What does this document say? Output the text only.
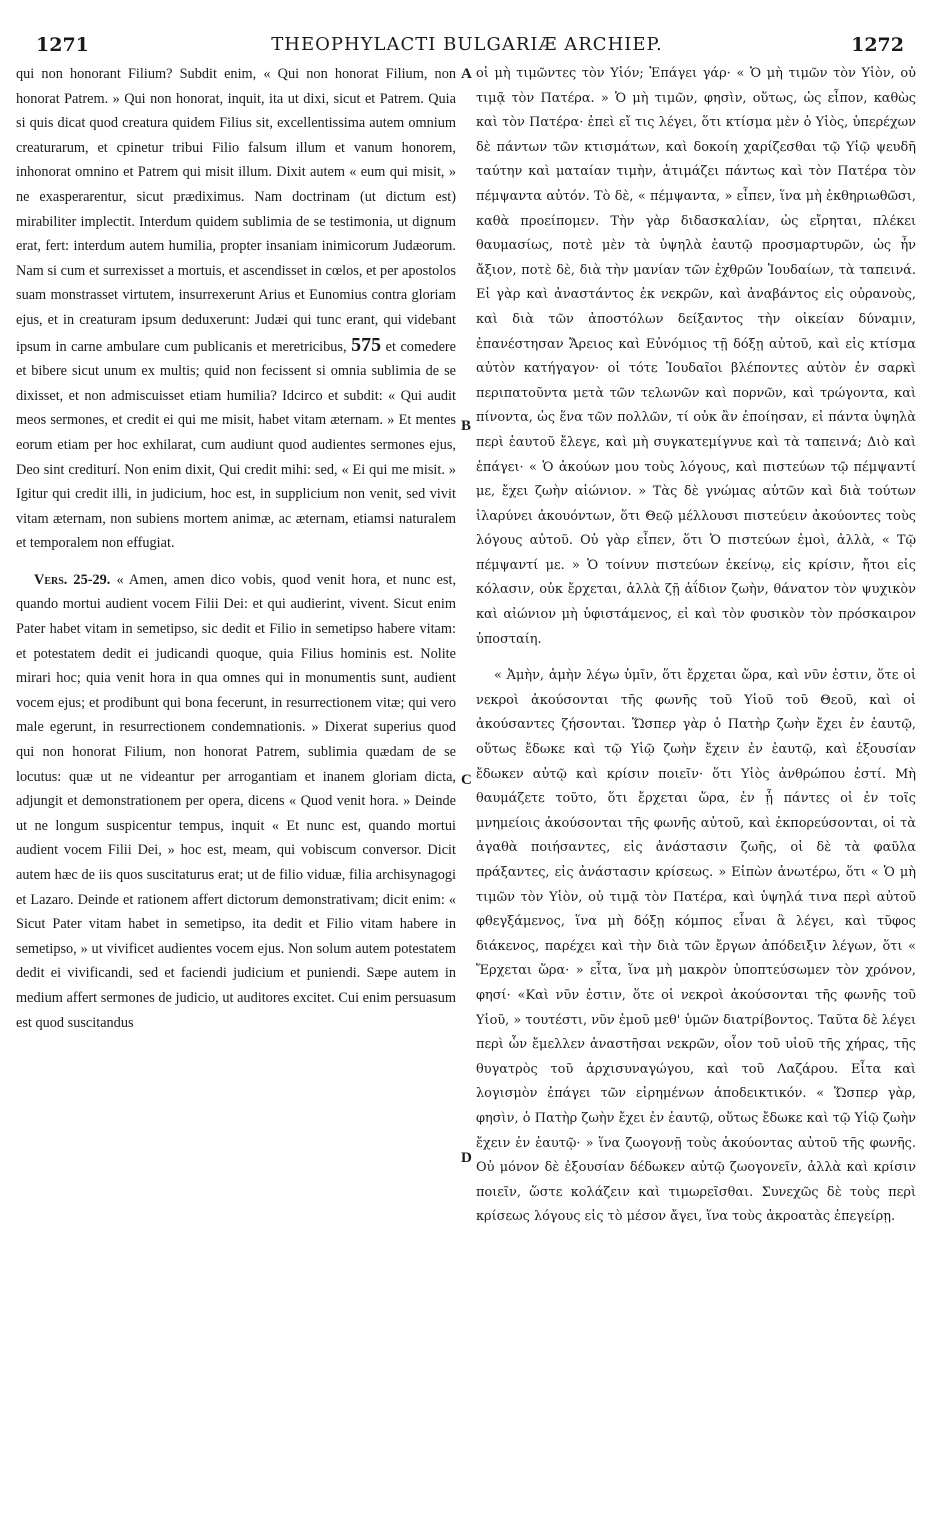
1271	THEOPHYLACTI BULGARIÆ ARCHIEP.	1272

qui non honorant Filium? Subdit enim, « Qui non honorat Filium, non honorat Patrem. » Qui non honorat, inquit, ita ut dixi, sicut et Patrem. Quia si quis dicat quod creatura quidem Filius sit, excellentissima autem omnium creaturarum, et cpinetur tribui Filio falsum illum et vanum honorem, inhonorat omnino et Patrem qui misit illum. Dixit autem « eum qui misit, » ne exasperarentur, sicut prædiximus. Nam doctrinam (ut dictum est) mirabiliter implectit. Interdum quidem sublimia de se testimonia, ut dignum erat, fert: interdum autem humilia, propter insaniam inimicorum Judæorum. Nam si cum et surrexisset a mortuis, et ascendisset in cœlos, et per apostolos suam monstrasset virtutem, insurrexerunt Arius et Eunomius contra gloriam ejus, et in creaturam ipsum deduxerunt: Judæi qui tunc erant, qui videbant ipsum in carne ambulare cum publicanis et meretricibus, 575 et comedere et bibere sicut unum ex multis; quid non fecissent si omnia sublimia de se dixisset, et non admiscuisset etiam humilia? Idcirco et subdit: « Qui audit meos sermones, et credit ei qui me misit, habet vitam æternam. » Et mentes eorum etiam per hoc exhilarat, cum audiunt quod audientes sermones ejus, Deo sint crediturí. Non enim dixit, Qui credit mihi: sed, « Ei qui me misit. » Igitur qui credit illi, in judicium, hoc est, in supplicium non venit, sed vivit vitam æternam, non subiens mortem animæ, ac æternam, etiamsi naturalem et temporalem non effugiat.

Vers. 25-29. « Amen, amen dico vobis, quod venit hora, et nunc est, quando mortui audient vocem Filii Dei: et qui audierint, vivent. Sicut enim Pater habet vitam in semetipso, sic dedit et Filio in semetipso habere vitam: et potestatem dedit ei judicandi quoque, quia Filius hominis est. Nolite mirari hoc; quia venit hora in qua omnes qui in monumentis sunt, audient vocem ejus; et prodibunt qui bona fecerunt, in resurrectionem vitæ; qui vero male egerunt, in resurrectionem condemnationis. » Dixerat superius quod qui non honorat Filium, non honorat Patrem, sublimia quædam de se locutus: quæ ut ne videantur per arrogantiam et inanem gloriam dicta, adjungit et demonstrationem per opera, dicens « Quod venit hora. » Deinde ut ne longum suspicentur tempus, inquit « Et nunc est, quando mortui audient vocem Filii Dei, » hoc est, meam, qui vobiscum conversor. Dicit autem hæc de iis quos suscitaturus erat; ut de filio viduæ, filia archisynagogi et Lazaro. Deinde et rationem affert dictorum demonstrativam; dicit enim: « Sicut Pater vitam habet in semetipso, ita dedit et Filio vitam habere in semetipso, » ut vivificet audientes vocem ejus. Non solum autem potestatem dedit ei vivificandi, sed et faciendi judicium et puniendi. Sæpe autem in medium affert sermones de judicio, ut auditores excitet. Cui enim persuasum est quod suscitandus

A
B
C
D

οἱ μὴ τιμῶντες τὸν Υἱόν; Ἐπάγει γάρ· « Ὁ μὴ τιμῶν τὸν Υἱὸν, οὐ τιμᾷ τὸν Πατέρα. » Ὁ μὴ τιμῶν, φησὶν, οὕτως, ὡς εἶπον, καθὼς καὶ τὸν Πατέρα· ἐπεὶ εἴ τις λέγει, ὅτι κτίσμα μὲν ὁ Υἱὸς, ὑπερέχων δὲ πάντων τῶν κτισμάτων, καὶ δοκοίη χαρίζεσθαι τῷ Υἱῷ ψευδῆ ταύτην καὶ ματαίαν τιμὴν, ἀτιμάζει πάντως καὶ τὸν Πατέρα τὸν πέμψαντα αὐτόν. Τὸ δὲ, « πέμψαντα, » εἶπεν, ἵνα μὴ ἐκθηριωθῶσι, καθὰ προείπομεν. Τὴν γὰρ διδασκαλίαν, ὡς εἴρηται, πλέκει θαυμασίως, ποτὲ μὲν τὰ ὑψηλὰ ἑαυτῷ προσμαρτυρῶν, ὡς ἦν ἄξιον, ποτὲ δὲ, διὰ τὴν μανίαν τῶν ἐχθρῶν Ἰουδαίων, τὰ ταπεινά. Εἰ γὰρ καὶ ἀναστάντος ἐκ νεκρῶν, καὶ ἀναβάντος εἰς οὐρανοὺς, καὶ διὰ τῶν ἀποστόλων δείξαντος τὴν οἰκείαν δύναμιν, ἐπανέστησαν Ἄρειος καὶ Εὐνόμιος τῇ δόξῃ αὐτοῦ, καὶ εἰς κτίσμα αὐτὸν κατήγαγον· οἱ τότε Ἰουδαῖοι βλέποντες αὐτὸν ἐν σαρκὶ περιπατοῦντα μετὰ τῶν τελωνῶν καὶ πορνῶν, καὶ τρώγοντα, καὶ πίνοντα, ὡς ἕνα τῶν πολλῶν, τί οὐκ ἂν ἐποίησαν, εἰ πάντα ὑψηλὰ περὶ ἑαυτοῦ ἔλεγε, καὶ μὴ συγκατεμίγνυε καὶ τὰ ταπεινά; Διὸ καὶ ἐπάγει· « Ὁ ἀκούων μου τοὺς λόγους, καὶ πιστεύων τῷ πέμψαντί με, ἔχει ζωὴν αἰώνιον. » Τὰς δὲ γνώμας αὐτῶν καὶ διὰ τούτων ἱλαρύνει ἀκουόντων, ὅτι Θεῷ μέλλουσι πιστεύειν ἀκούοντες τοὺς λόγους αὐτοῦ. Οὐ γὰρ εἶπεν, ὅτι Ὁ πιστεύων ἐμοὶ, ἀλλὰ, « Τῷ πέμψαντί με. » Ὁ τοίνυν πιστεύων ἐκείνῳ, εἰς κρίσιν, ἤτοι εἰς κόλασιν, οὐκ ἔρχεται, ἀλλὰ ζῇ ἀΐδιον ζωὴν, θάνατον τὸν ψυχικὸν καὶ αἰώνιον μὴ ὑφιστάμενος, εἰ καὶ τὸν φυσικὸν τὸν πρόσκαιρον ὑποσταίη.

« Ἀμὴν, ἀμὴν λέγω ὑμῖν, ὅτι ἔρχεται ὥρα, καὶ νῦν ἐστιν, ὅτε οἱ νεκροὶ ἀκούσονται τῆς φωνῆς τοῦ Υἱοῦ τοῦ Θεοῦ, καὶ οἱ ἀκούσαντες ζήσονται. Ὥσπερ γὰρ ὁ Πατὴρ ζωὴν ἔχει ἐν ἑαυτῷ, οὕτως ἔδωκε καὶ τῷ Υἱῷ ζωὴν ἔχειν ἐν ἑαυτῷ, καὶ ἐξουσίαν ἔδωκεν αὐτῷ καὶ κρίσιν ποιεῖν· ὅτι Υἱὸς ἀνθρώπου ἐστί. Μὴ θαυμάζετε τοῦτο, ὅτι ἔρχεται ὥρα, ἐν ᾗ πάντες οἱ ἐν τοῖς μνημείοις ἀκούσονται τῆς φωνῆς αὐτοῦ, καὶ ἐκπορεύσονται, οἱ τὰ ἀγαθὰ ποιήσαντες, εἰς ἀνάστασιν ζωῆς, οἱ δὲ τὰ φαῦλα πράξαντες, εἰς ἀνάστασιν κρίσεως. » Εἰπὼν ἀνωτέρω, ὅτι « Ὁ μὴ τιμῶν τὸν Υἱὸν, οὐ τιμᾷ τὸν Πατέρα, καὶ ὑψηλά τινα περὶ αὐτοῦ φθεγξάμενος, ἵνα μὴ δόξῃ κόμπος εἶναι ἃ λέγει, καὶ τῦφος διάκενος, παρέχει καὶ τὴν διὰ τῶν ἔργων ἀπόδειξιν λέγων, ὅτι « Ἔρχεται ὥρα· » εἶτα, ἵνα μὴ μακρὸν ὑποπτεύσωμεν τὸν χρόνον, φησί· «Καὶ νῦν ἐστιν, ὅτε οἱ νεκροὶ ἀκούσονται τῆς φωνῆς τοῦ Υἱοῦ, » τουτέστι, νῦν ἐμοῦ μεθ' ὑμῶν διατρίβοντος. Ταῦτα δὲ λέγει περὶ ὧν ἔμελλεν ἀναστῆσαι νεκρῶν, οἷον τοῦ υἱοῦ τῆς χήρας, τῆς θυγατρὸς τοῦ ἀρχισυναγώγου, καὶ τοῦ Λαζάρου. Εἶτα καὶ λογισμὸν ἐπάγει τῶν εἰρημένων ἀποδεικτικόν. « Ὥσπερ γὰρ, φησὶν, ὁ Πατὴρ ζωὴν ἔχει ἐν ἑαυτῷ, οὕτως ἔδωκε καὶ τῷ Υἱῷ ζωὴν ἔχειν ἐν ἑαυτῷ· » ἵνα ζωογονῇ τοὺς ἀκούοντας αὐτοῦ τῆς φωνῆς. Οὐ μόνον δὲ ἐξουσίαν δέδωκεν αὐτῷ ζωογονεῖν, ἀλλὰ καὶ κρίσιν ποιεῖν, ὥστε κολάζειν καὶ τιμωρεῖσθαι. Συνεχῶς δὲ τοὺς περὶ κρίσεως λόγους εἰς τὸ μέσον ἄγει, ἵνα τοὺς ἀκροατὰς ἐπεγείρῃ.
